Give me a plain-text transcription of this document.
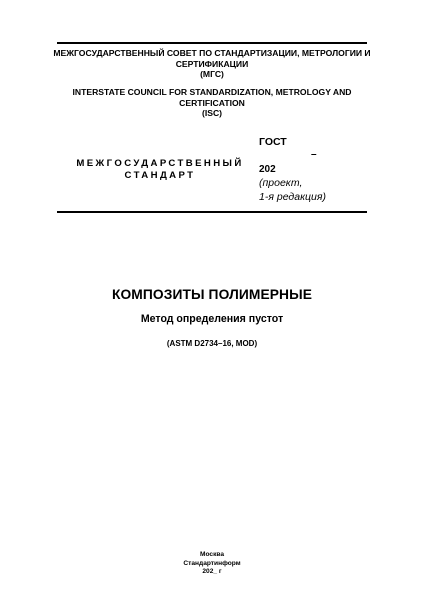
МЕЖГОСУДАРСТВЕННЫЙ СОВЕТ ПО СТАНДАРТИЗАЦИИ, МЕТРОЛОГИИ И
СЕРТИФИКАЦИИ
(МГС)
INTERSTATE COUNCIL FOR STANDARDIZATION, METROLOGY AND
CERTIFICATION
(ISC)
МЕЖГОСУДАРСТВЕННЫЙ
СТАНДАРТ
ГОСТ
–
202
(проект,
1-я редакция)
КОМПОЗИТЫ ПОЛИМЕРНЫЕ
Метод определения пустот
(ASTM D2734–16, MOD)
Москва
Стандартинформ
202_ г
